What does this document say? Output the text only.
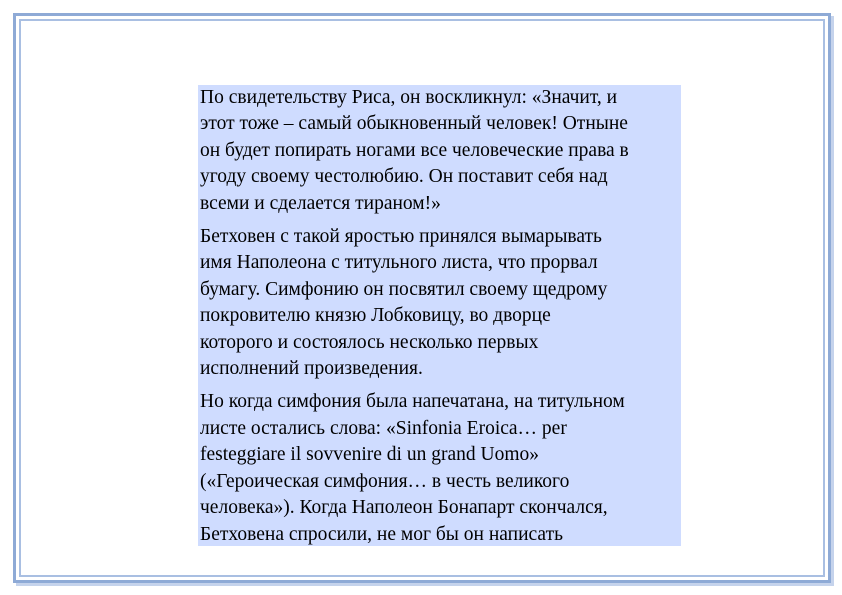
По свидетельству Риса, он воскликнул: «Значит, и
этот тоже – самый обыкновенный человек! Отныне
он будет попирать ногами все человеческие права в
угоду своему честолюбию. Он поставит себя над
всеми и сделается тираном!»

Бетховен с такой яростью принялся вымарывать
имя Наполеона с титульного листа, что прорвал
бумагу. Симфонию он посвятил своему щедрому
покровителю князю Лобковицу, во дворце
которого и состоялось несколько первых
исполнений произведения.

Но когда симфония была напечатана, на титульном
листе остались слова: «Sinfonia Eroica… per
festeggiare il sovvenire di un grand Uomo»
(«Героическая симфония… в честь великого
человека»). Когда Наполеон Бонапарт скончался,
Бетховена спросили, не мог бы он написать
